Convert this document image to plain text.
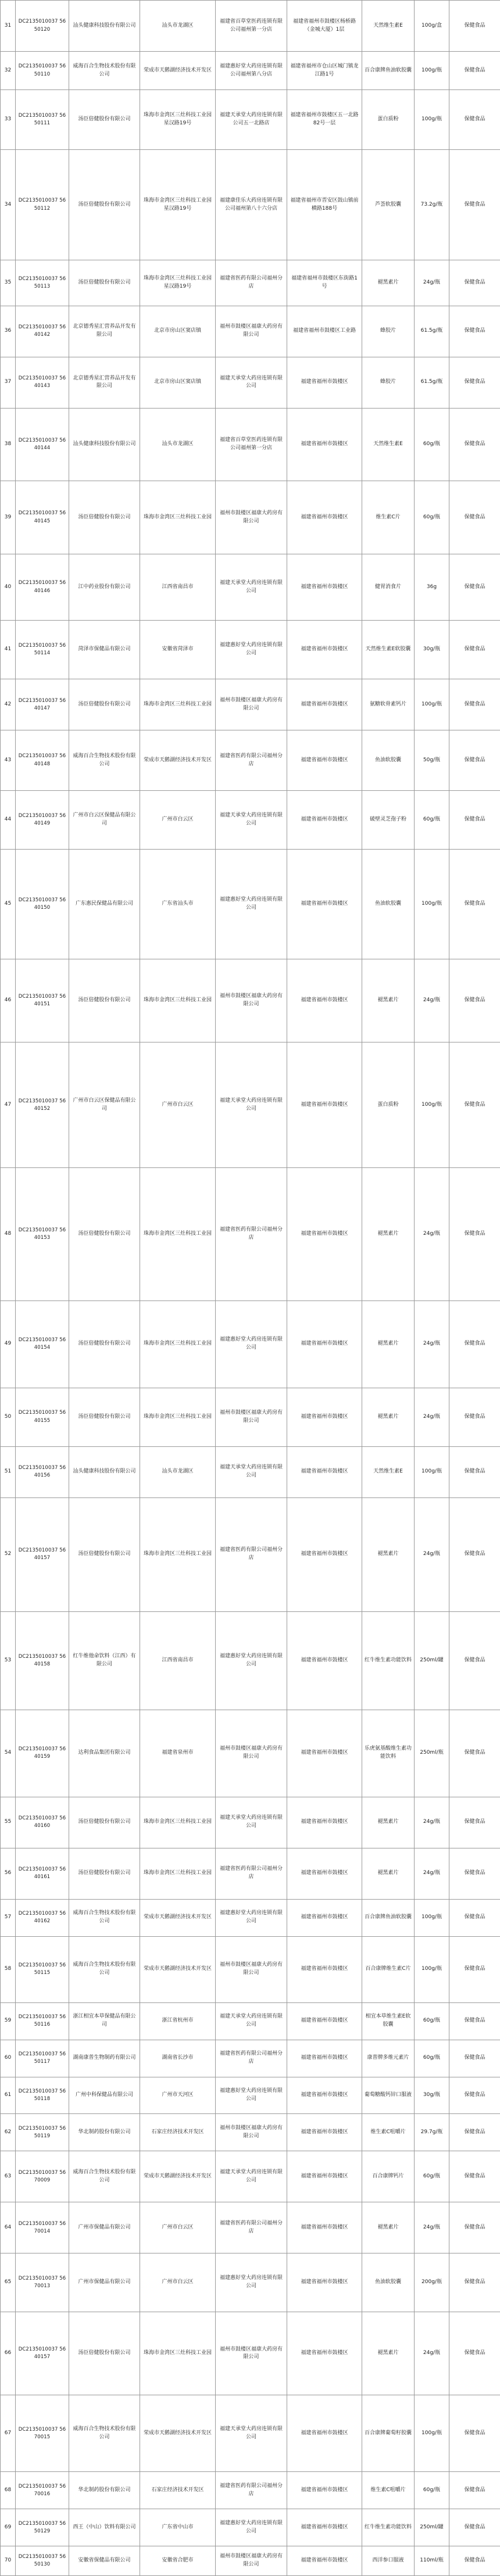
31	DC2135010037 5650120	汕头健康科技股份有限公司	汕头市龙湖区	福建省百草堂医药连锁有限公司福州第一分店	福建省福州市鼓楼区杨桥路（金城大厦）1层	天然维生素E	100g/盒	保健食品
32	DC2135010037 5650110	威海百合生物技术股份有限公司	荣成市天鹅湖经济技术开发区	福建惠好堂大药房连锁有限公司福州第八分店	福建省福州市仓山区城门镇龙江路1号	百合康牌鱼油软胶囊	100g/瓶	保健食品
33	DC2135010037 5650111	汤臣倍健股份有限公司	珠海市金湾区三灶科技工业园星汉路19号	福建天承堂大药房连锁有限公司五一北路店	福建省福州市鼓楼区五一北路82号一层	蛋白质粉	100g/瓶	保健食品
34	DC2135010037 5650112	汤臣倍健股份有限公司	珠海市金湾区三灶科技工业园星汉路19号	福建康佳乐大药房连锁有限公司福州第八十六分店	福建省福州市晋安区鼓山镇前横路188号	芦荟软胶囊	73.2g/瓶	保健食品
35	DC2135010037 5650113	汤臣倍健股份有限公司	珠海市金湾区三灶科技工业园星汉路19号	福建省医药有限公司福州分店	福建省福州市鼓楼区东街路1号	褪黑素片	24g/瓶	保健食品
36	DC2135010037 5640142	北京德秀星汇营养品开发有限公司	北京市房山区窦店镇	福州市鼓楼区福康大药房有限公司	福建省福州市鼓楼区工业路	蜂胶片	61.5g/瓶	保健食品
37	DC2135010037 5640143	北京德秀星汇营养品开发有限公司	北京市房山区窦店镇	福建天承堂大药房连锁有限公司	福建省福州市鼓楼区	蜂胶片	61.5g/瓶	保健食品
38	DC2135010037 5640144	汕头健康科技股份有限公司	汕头市龙湖区	福建省百草堂医药连锁有限公司福州第一分店	福建省福州市鼓楼区	天然维生素E	60g/瓶	保健食品
39	DC2135010037 5640145	汤臣倍健股份有限公司	珠海市金湾区三灶科技工业园	福州市鼓楼区福康大药房有限公司	福建省福州市鼓楼区	维生素C片	60g/瓶	保健食品
40	DC2135010037 5640146	江中药业股份有限公司	江西省南昌市	福建天承堂大药房连锁有限公司	福建省福州市鼓楼区	健胃消食片	36g	保健食品
41	DC2135010037 5650114	菏泽市保健品有限公司	安徽省菏泽市	福建惠好堂大药房连锁有限公司	福建省福州市鼓楼区	天然维生素E软胶囊	30g/瓶	保健食品
42	DC2135010037 5640147	汤臣倍健股份有限公司	珠海市金湾区三灶科技工业园	福州市鼓楼区福康大药房有限公司	福建省福州市鼓楼区	氨糖软骨素钙片	100g/瓶	保健食品
43	DC2135010037 5640148	威海百合生物技术股份有限公司	荣成市天鹅湖经济技术开发区	福建省医药有限公司福州分店	福建省福州市鼓楼区	鱼油软胶囊	50g/瓶	保健食品
44	DC2135010037 5640149	广州市白云区保健品有限公司	广州市白云区	福建天承堂大药房连锁有限公司	福建省福州市鼓楼区	破壁灵芝孢子粉	60g/瓶	保健食品
45	DC2135010037 5640150	广东惠民保健品有限公司	广东省汕头市	福建惠好堂大药房连锁有限公司	福建省福州市鼓楼区	鱼油软胶囊	100g/瓶	保健食品
46	DC2135010037 5640151	汤臣倍健股份有限公司	珠海市金湾区三灶科技工业园	福州市鼓楼区福康大药房有限公司	福建省福州市鼓楼区	褪黑素片	24g/瓶	保健食品
47	DC2135010037 5640152	广州市白云区保健品有限公司	广州市白云区	福建天承堂大药房连锁有限公司	福建省福州市鼓楼区	蛋白质粉	100g/瓶	保健食品
48	DC2135010037 5640153	汤臣倍健股份有限公司	珠海市金湾区三灶科技工业园	福建省医药有限公司福州分店	福建省福州市鼓楼区	褪黑素片	24g/瓶	保健食品
49	DC2135010037 5640154	汤臣倍健股份有限公司	珠海市金湾区三灶科技工业园	福建惠好堂大药房连锁有限公司	福建省福州市鼓楼区	褪黑素片	24g/瓶	保健食品
50	DC2135010037 5640155	汤臣倍健股份有限公司	珠海市金湾区三灶科技工业园	福州市鼓楼区福康大药房有限公司	福建省福州市鼓楼区	褪黑素片	24g/瓶	保健食品
51	DC2135010037 5640156	汕头健康科技股份有限公司	汕头市龙湖区	福建天承堂大药房连锁有限公司	福建省福州市鼓楼区	天然维生素E	100g/瓶	保健食品
52	DC2135010037 5640157	汤臣倍健股份有限公司	珠海市金湾区三灶科技工业园	福建省医药有限公司福州分店	福建省福州市鼓楼区	褪黑素片	24g/瓶	保健食品
53	DC2135010037 5640158	红牛维他命饮料（江西）有限公司	江西省南昌市	福建惠好堂大药房连锁有限公司	福建省福州市鼓楼区	红牛维生素功能饮料	250ml/罐	保健食品
54	DC2135010037 5640159	达利食品集团有限公司	福建省泉州市	福州市鼓楼区福康大药房有限公司	福建省福州市鼓楼区	乐虎氨基酸维生素功能饮料	250ml/瓶	保健食品
55	DC2135010037 5640160	汤臣倍健股份有限公司	珠海市金湾区三灶科技工业园	福建天承堂大药房连锁有限公司	福建省福州市鼓楼区	褪黑素片	24g/瓶	保健食品
56	DC2135010037 5640161	汤臣倍健股份有限公司	珠海市金湾区三灶科技工业园	福建省医药有限公司福州分店	福建省福州市鼓楼区	褪黑素片	24g/瓶	保健食品
57	DC2135010037 5640162	威海百合生物技术股份有限公司	荣成市天鹅湖经济技术开发区	福建惠好堂大药房连锁有限公司	福建省福州市鼓楼区	百合康牌鱼油软胶囊	100g/瓶	保健食品
58	DC2135010037 5650115	威海百合生物技术股份有限公司	荣成市天鹅湖经济技术开发区	福州市鼓楼区福康大药房有限公司	福建省福州市鼓楼区	百合康牌维生素C片	100g/瓶	保健食品
59	DC2135010037 5650116	浙江相宜本草保健品有限公司	浙江省杭州市	福建天承堂大药房连锁有限公司	福建省福州市鼓楼区	相宜本草维生素E软胶囊	60g/瓶	保健食品
60	DC2135010037 5650117	湖南康普生物制药有限公司	湖南省长沙市	福建省医药有限公司福州分店	福建省福州市鼓楼区	康普牌多维元素片	60g/瓶	保健食品
61	DC2135010037 5650118	广州中科保健品有限公司	广州市天河区	福建惠好堂大药房连锁有限公司	福建省福州市鼓楼区	葡萄糖酸钙锌口服液	30g/瓶	保健食品
62	DC2135010037 5650119	华北制药股份有限公司	石家庄经济技术开发区	福州市鼓楼区福康大药房有限公司	福建省福州市鼓楼区	维生素C咀嚼片	29.7g/瓶	保健食品
63	DC2135010037 5670009	威海百合生物技术股份有限公司	荣成市天鹅湖经济技术开发区	福建天承堂大药房连锁有限公司	福建省福州市鼓楼区	百合康牌钙片	60g/瓶	保健食品
64	DC2135010037 5670014	广州市保健品有限公司	广州市白云区	福建省医药有限公司福州分店	福建省福州市鼓楼区	褪黑素片	24g/瓶	保健食品
65	DC2135010037 5670013	广州市保健品有限公司	广州市白云区	福建惠好堂大药房连锁有限公司	福建省福州市鼓楼区	鱼油软胶囊	200g/瓶	保健食品
66	DC2135010037 5640157	汤臣倍健股份有限公司	珠海市金湾区三灶科技工业园	福州市鼓楼区福康大药房有限公司	福建省福州市鼓楼区	褪黑素片	24g/瓶	保健食品
67	DC2135010037 5670015	威海百合生物技术股份有限公司	荣成市天鹅湖经济技术开发区	福建天承堂大药房连锁有限公司	福建省福州市鼓楼区	百合康牌葡萄籽胶囊	100g/瓶	保健食品
68	DC2135010037 5670016	华北制药股份有限公司	石家庄经济技术开发区	福建省医药有限公司福州分店	福建省福州市鼓楼区	维生素C咀嚼片	60g/瓶	保健食品
69	DC2135010037 5650129	西王（中山）饮料有限公司	广东省中山市	福建惠好堂大药房连锁有限公司	福建省福州市鼓楼区	红牛维生素功能饮料	250ml/罐	保健食品
70	DC2135010037 5650130	安徽省保健品有限公司	安徽省合肥市	福州市鼓楼区福康大药房有限公司	福建省福州市鼓楼区	西洋参口服液	110ml/瓶	保健食品
